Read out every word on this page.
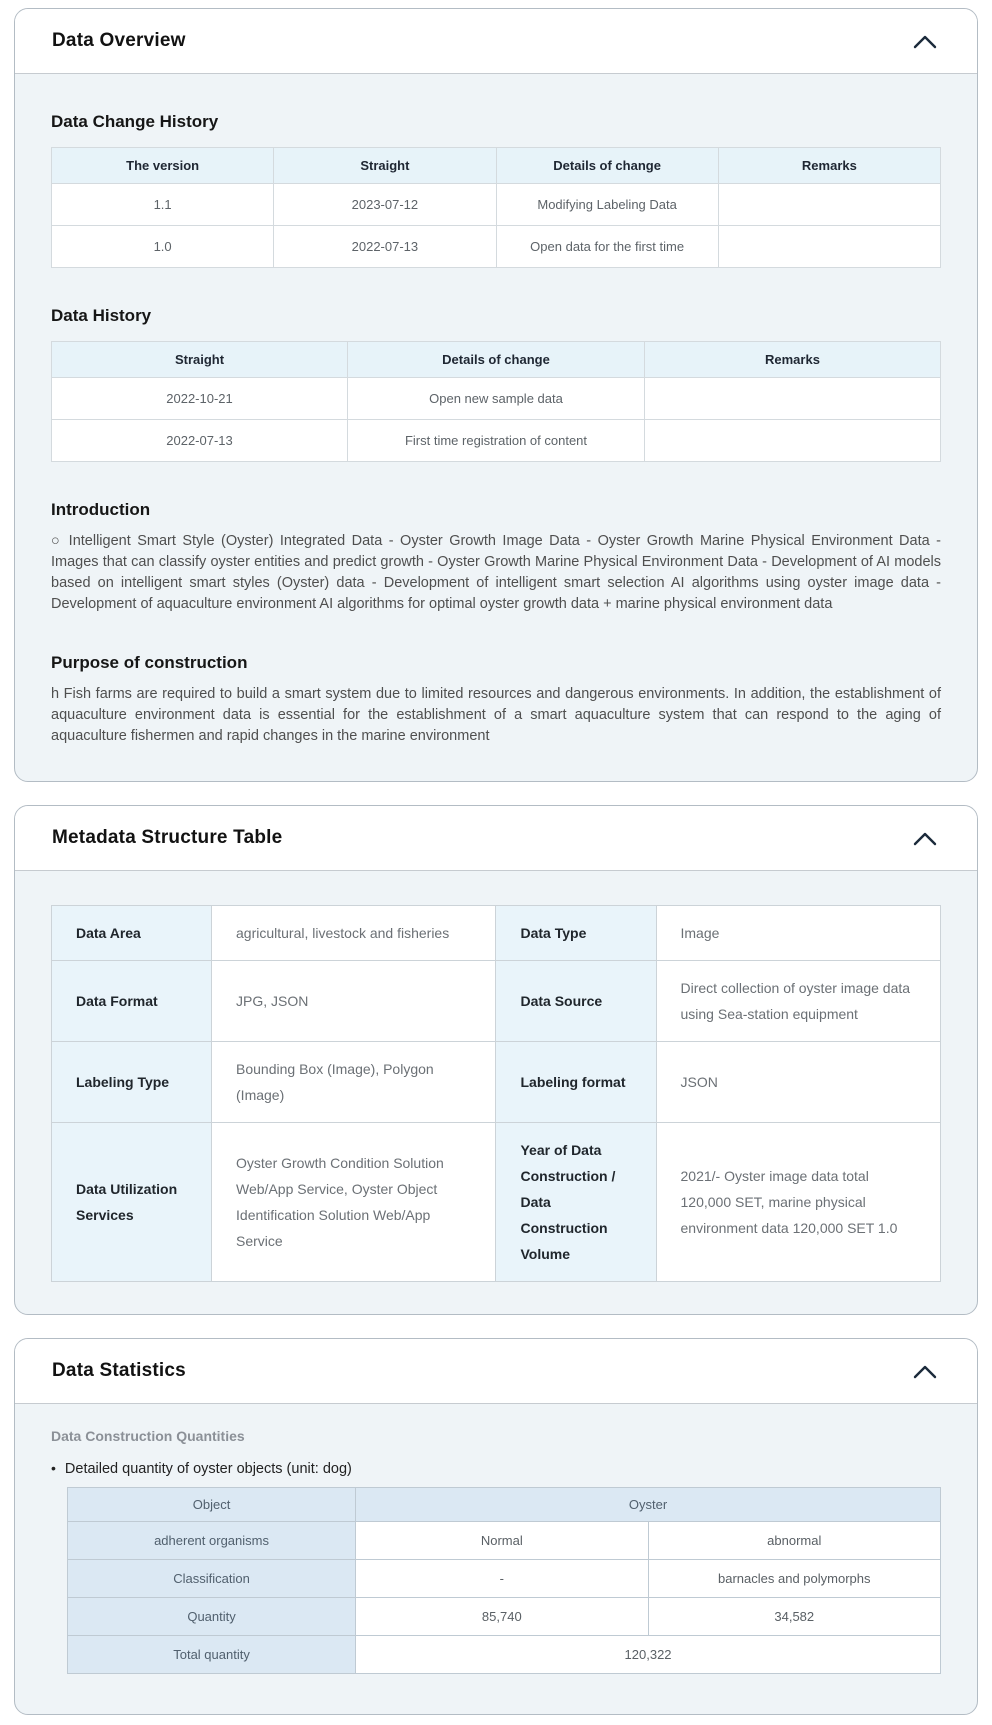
Data Overview
Data Change History
The version	Straight	Details of change	Remarks
1.1	2023-07-12	Modifying Labeling Data	
1.0	2022-07-13	Open data for the first time	
Data History
Straight	Details of change	Remarks
2022-10-21	Open new sample data	
2022-07-13	First time registration of content	
Introduction

○ Intelligent Smart Style (Oyster) Integrated Data - Oyster Growth Image Data - Oyster Growth Marine Physical Environment Data - Images that can classify oyster entities and predict growth - Oyster Growth Marine Physical Environment Data - Development of AI models based on intelligent smart styles (Oyster) data - Development of intelligent smart selection AI algorithms using oyster image data - Development of aquaculture environment AI algorithms for optimal oyster growth data + marine physical environment data

Purpose of construction

h Fish farms are required to build a smart system due to limited resources and dangerous environments. In addition, the establishment of aquaculture environment data is essential for the establishment of a smart aquaculture system that can respond to the aging of aquaculture fishermen and rapid changes in the marine environment

Metadata Structure Table
Data Area	agricultural, livestock and fisheries	Data Type	Image
Data Format	JPG, JSON	Data Source	Direct collection of oyster image data using Sea-station equipment
Labeling Type	Bounding Box (Image), Polygon (Image)	Labeling format	JSON
Data Utilization Services	Oyster Growth Condition Solution Web/App Service, Oyster Object Identification Solution Web/App Service	Year of Data Construction / Data Construction Volume	2021/- Oyster image data total 120,000 SET, marine physical environment data 120,000 SET 1.0
Data Statistics
Data Construction Quantities
• Detailed quantity of oyster objects (unit: dog)
Object	Oyster	
adherent organisms	Normal	abnormal
Classification	-	barnacles and polymorphs
Quantity	85,740	34,582
Total quantity	120,322	
